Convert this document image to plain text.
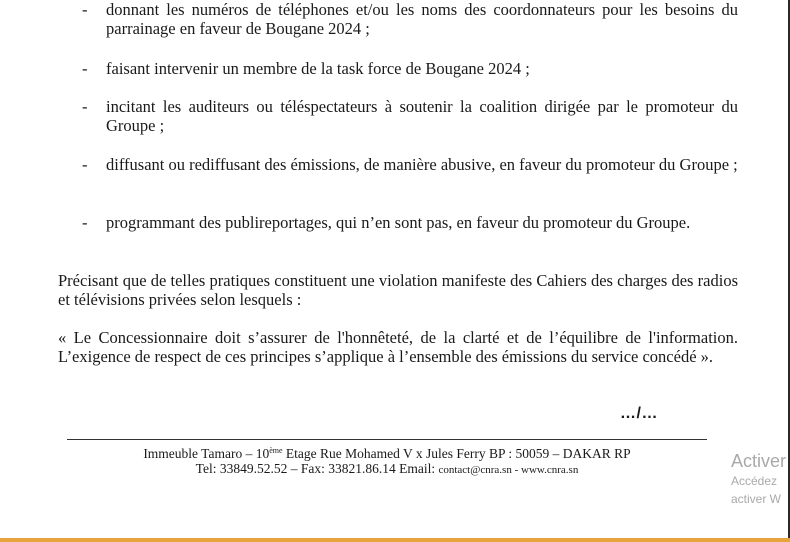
-	donnant les numéros de téléphones et/ou les noms des coordonnateurs pour les besoins du parrainage en faveur de Bougane 2024 ;
-	faisant intervenir un membre de la task force de Bougane 2024 ;
-	incitant les auditeurs ou téléspectateurs à soutenir la coalition dirigée par le promoteur du Groupe ;
-	diffusant ou rediffusant des émissions, de manière abusive, en faveur du promoteur du Groupe ;
-	programmant des publireportages, qui n’en sont pas, en faveur du promoteur du Groupe.

Précisant que de telles pratiques constituent une violation manifeste des Cahiers des charges des radios et télévisions privées selon lesquels :

« Le Concessionnaire doit s’assurer de l'honnêteté, de la clarté et de l’équilibre de l'information. L’exigence de respect de ces principes s’applique à l’ensemble des émissions du service concédé ».

…/…

Immeuble Tamaro – 10ème Etage Rue Mohamed V x Jules Ferry BP : 50059 – DAKAR RP

Tel: 33849.52.52 – Fax: 33821.86.14 Email: contact@cnra.sn - www.cnra.sn	Activer
Accédez
activer W
